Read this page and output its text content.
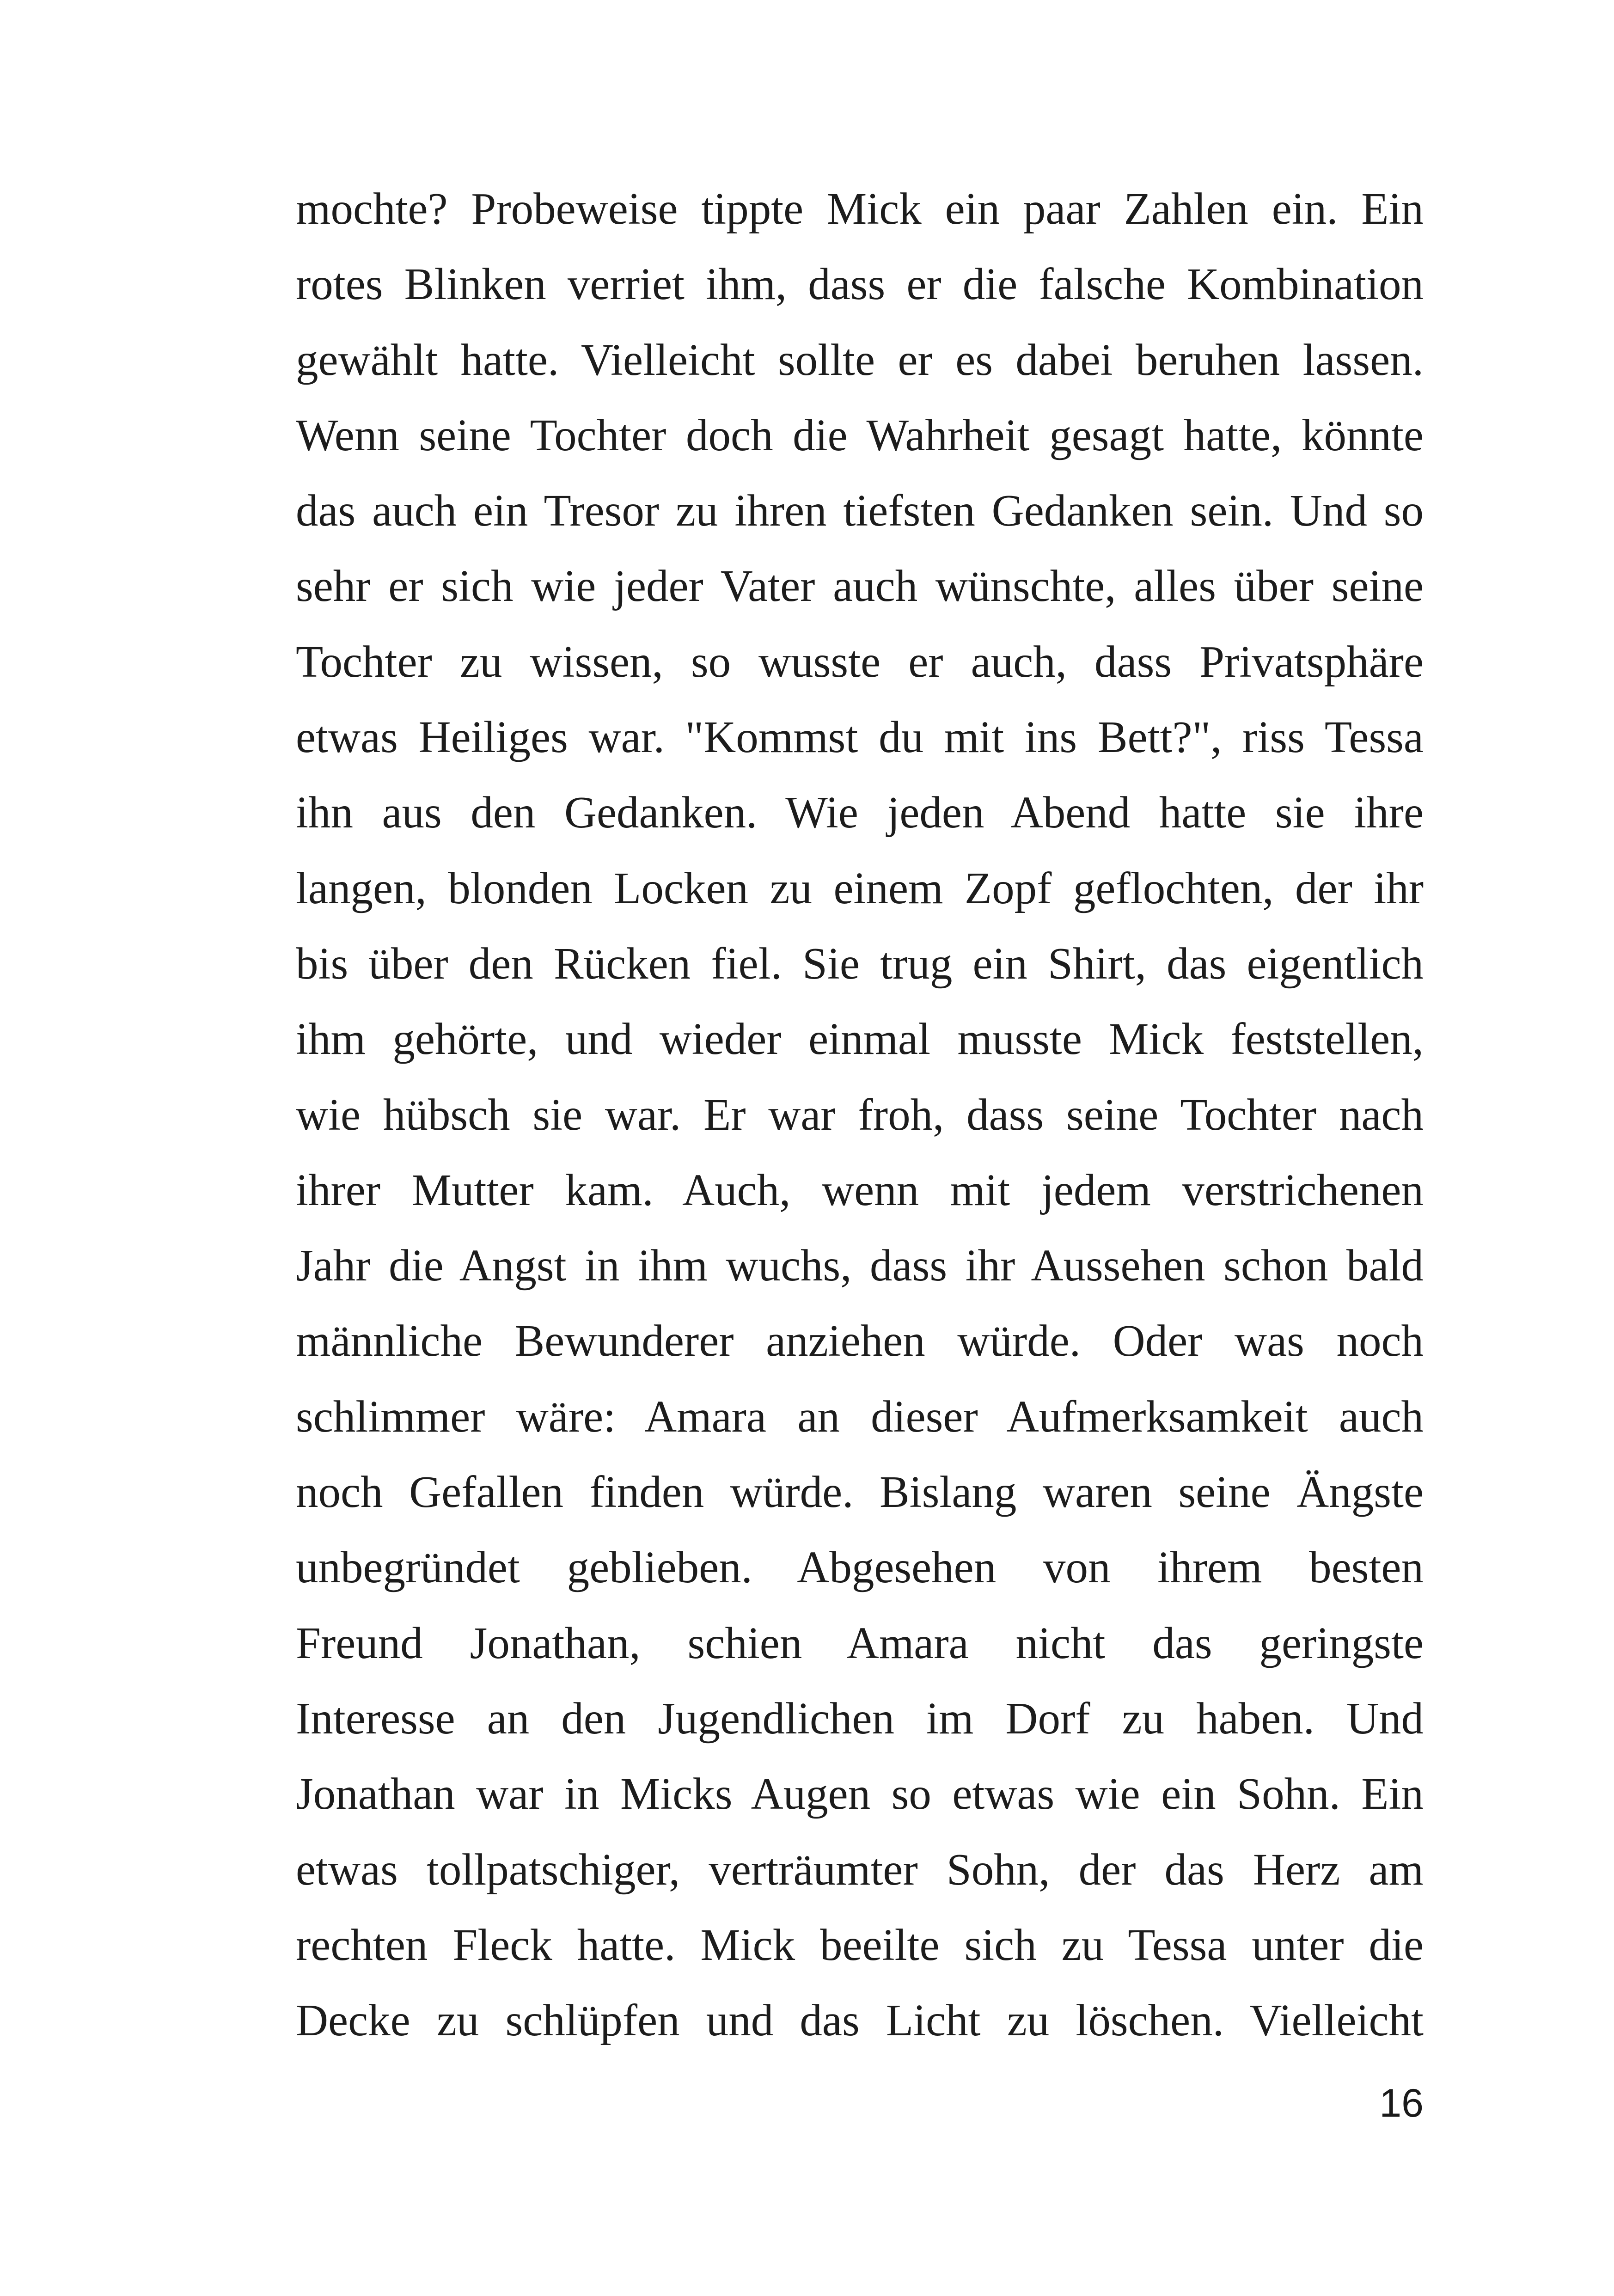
mochte? Probeweise tippte Mick ein paar Zahlen ein. Ein
rotes Blinken verriet ihm, dass er die falsche Kombination
gewählt hatte. Vielleicht sollte er es dabei beruhen lassen.
Wenn seine Tochter doch die Wahrheit gesagt hatte, könnte
das auch ein Tresor zu ihren tiefsten Gedanken sein. Und so
sehr er sich wie jeder Vater auch wünschte, alles über seine
Tochter zu wissen, so wusste er auch, dass Privatsphäre
etwas Heiliges war. "Kommst du mit ins Bett?", riss Tessa
ihn aus den Gedanken. Wie jeden Abend hatte sie ihre
langen, blonden Locken zu einem Zopf geflochten, der ihr
bis über den Rücken fiel. Sie trug ein Shirt, das eigentlich
ihm gehörte, und wieder einmal musste Mick feststellen,
wie hübsch sie war. Er war froh, dass seine Tochter nach
ihrer Mutter kam. Auch, wenn mit jedem verstrichenen
Jahr die Angst in ihm wuchs, dass ihr Aussehen schon bald
männliche Bewunderer anziehen würde. Oder was noch
schlimmer wäre: Amara an dieser Aufmerksamkeit auch
noch Gefallen finden würde. Bislang waren seine Ängste
unbegründet geblieben. Abgesehen von ihrem besten
Freund Jonathan, schien Amara nicht das geringste
Interesse an den Jugendlichen im Dorf zu haben. Und
Jonathan war in Micks Augen so etwas wie ein Sohn. Ein
etwas tollpatschiger, verträumter Sohn, der das Herz am
rechten Fleck hatte. Mick beeilte sich zu Tessa unter die
Decke zu schlüpfen und das Licht zu löschen. Vielleicht
16
